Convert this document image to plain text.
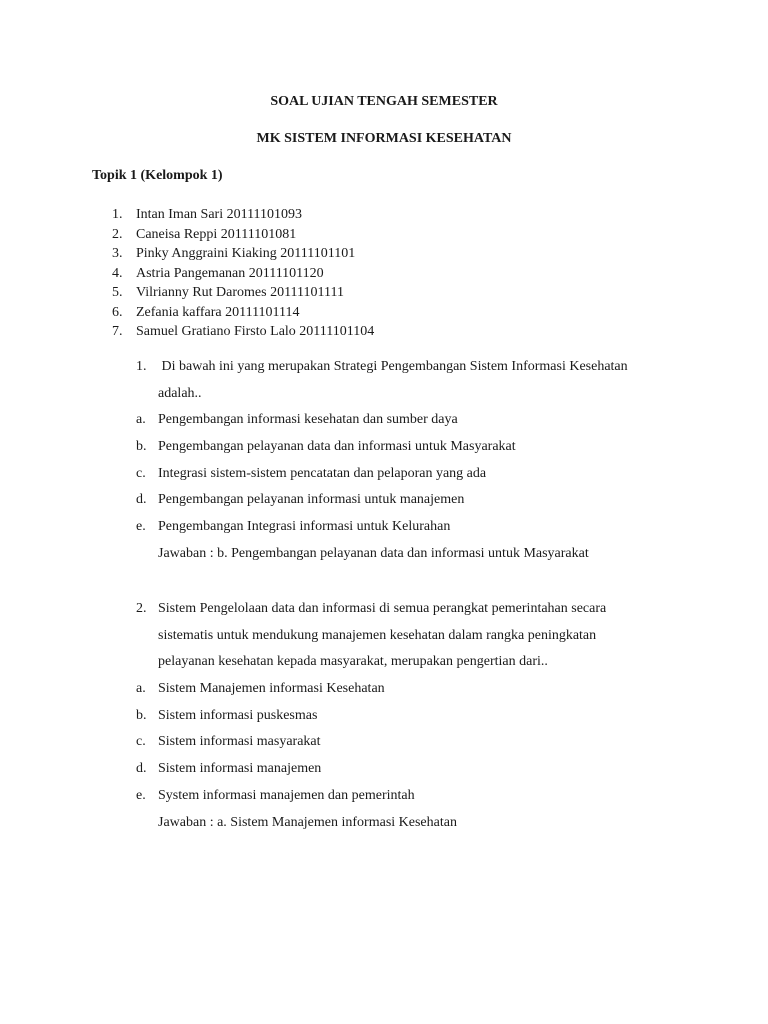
SOAL UJIAN TENGAH SEMESTER
MK SISTEM INFORMASI KESEHATAN
Topik 1 (Kelompok 1)
1. Intan Iman Sari 20111101093
2. Caneisa Reppi 20111101081
3. Pinky Anggraini Kiaking 20111101101
4. Astria Pangemanan 20111101120
5. Vilrianny Rut Daromes 20111101111
6. Zefania kaffara 20111101114
7. Samuel Gratiano Firsto Lalo 20111101104
1. Di bawah ini yang merupakan Strategi Pengembangan Sistem Informasi Kesehatan
adalah..
a. Pengembangan informasi kesehatan dan sumber daya
b. Pengembangan pelayanan data dan informasi untuk Masyarakat
c. Integrasi sistem-sistem pencatatan dan pelaporan yang ada
d. Pengembangan pelayanan informasi untuk manajemen
e. Pengembangan Integrasi informasi untuk Kelurahan
Jawaban : b. Pengembangan pelayanan data dan informasi untuk Masyarakat
2. Sistem Pengelolaan data dan informasi di semua perangkat pemerintahan secara
sistematis untuk mendukung manajemen kesehatan dalam rangka peningkatan
pelayanan kesehatan kepada masyarakat, merupakan pengertian dari..
a. Sistem Manajemen informasi Kesehatan
b. Sistem informasi puskesmas
c. Sistem informasi masyarakat
d. Sistem informasi manajemen
e. System informasi manajemen dan pemerintah
Jawaban : a. Sistem Manajemen informasi Kesehatan
